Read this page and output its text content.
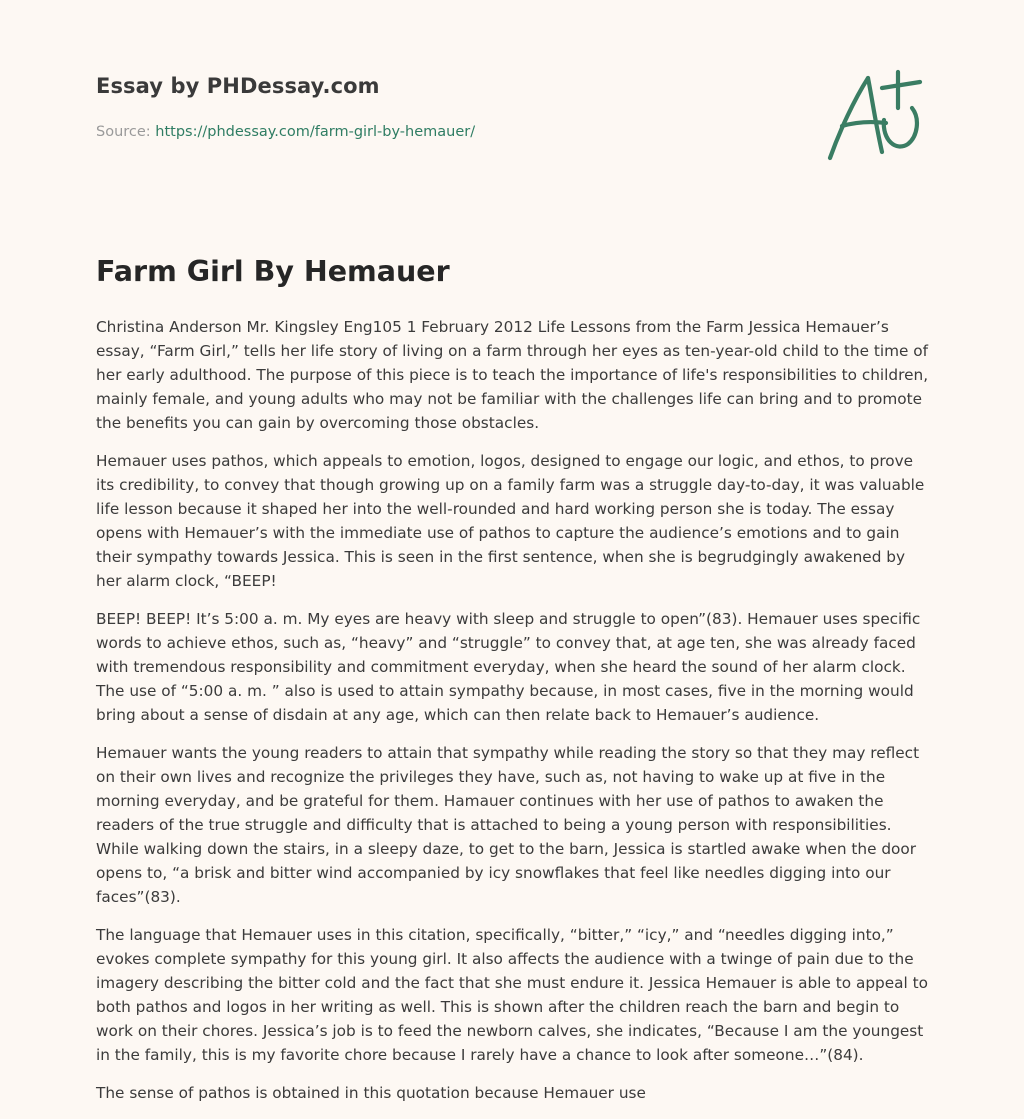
Essay by PHDessay.com

Source: https://phdessay.com/farm-girl-by-hemauer/

Farm Girl By Hemauer

Christina Anderson Mr. Kingsley Eng105 1 February 2012 Life Lessons from the Farm Jessica Hemauer’s essay, “Farm Girl,” tells her life story of living on a farm through her eyes as ten-year-old child to the time of her early adulthood. The purpose of this piece is to teach the importance of life's responsibilities to children, mainly female, and young adults who may not be familiar with the challenges life can bring and to promote the benefits you can gain by overcoming those obstacles.

Hemauer uses pathos, which appeals to emotion, logos, designed to engage our logic, and ethos, to prove its credibility, to convey that though growing up on a family farm was a struggle day-to-day, it was valuable life lesson because it shaped her into the well-rounded and hard working person she is today. The essay opens with Hemauer’s with the immediate use of pathos to capture the audience’s emotions and to gain their sympathy towards Jessica. This is seen in the first sentence, when she is begrudgingly awakened by her alarm clock, “BEEP!

BEEP! BEEP! It’s 5:00 a. m. My eyes are heavy with sleep and struggle to open”(83). Hemauer uses specific words to achieve ethos, such as, “heavy” and “struggle” to convey that, at age ten, she was already faced with tremendous responsibility and commitment everyday, when she heard the sound of her alarm clock. The use of “5:00 a. m. ” also is used to attain sympathy because, in most cases, five in the morning would bring about a sense of disdain at any age, which can then relate back to Hemauer’s audience.

Hemauer wants the young readers to attain that sympathy while reading the story so that they may reflect on their own lives and recognize the privileges they have, such as, not having to wake up at five in the morning everyday, and be grateful for them. Hamauer continues with her use of pathos to awaken the readers of the true struggle and difficulty that is attached to being a young person with responsibilities. While walking down the stairs, in a sleepy daze, to get to the barn, Jessica is startled awake when the door opens to, “a brisk and bitter wind accompanied by icy snowflakes that feel like needles digging into our faces”(83).

The language that Hemauer uses in this citation, specifically, “bitter,” “icy,” and “needles digging into,” evokes complete sympathy for this young girl. It also affects the audience with a twinge of pain due to the imagery describing the bitter cold and the fact that she must endure it. Jessica Hemauer is able to appeal to both pathos and logos in her writing as well. This is shown after the children reach the barn and begin to work on their chores. Jessica’s job is to feed the newborn calves, she indicates, “Because I am the youngest in the family, this is my favorite chore because I rarely have a chance to look after someone…”(84).

The sense of pathos is obtained in this quotation because Hemauer use
